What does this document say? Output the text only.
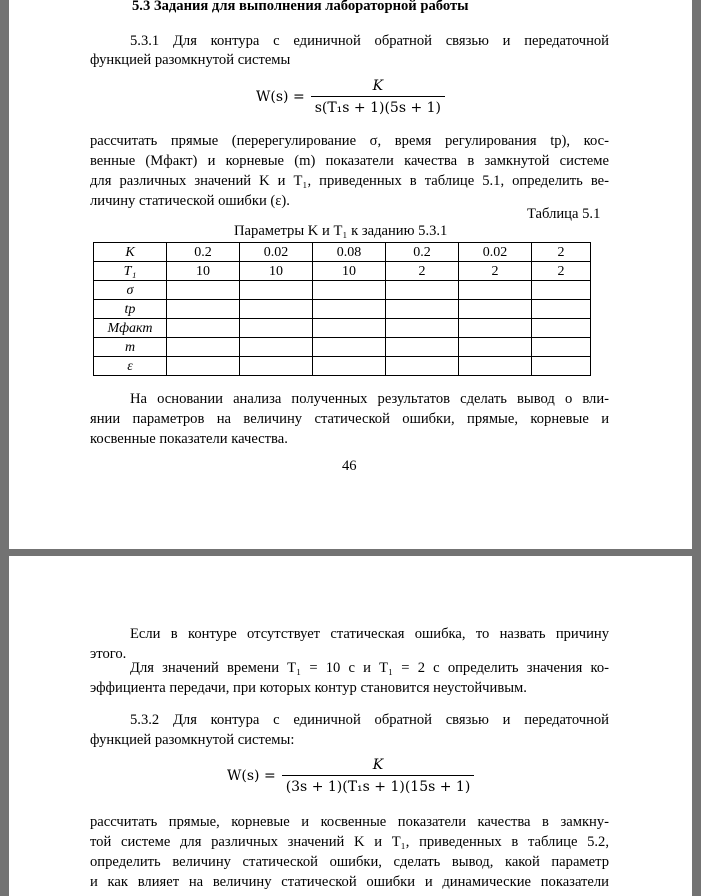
5.3 Задания для выполнения лабораторной работы
5.3.1 Для контура с единичной обратной связью и передаточной
функцией разомкнутой системы
$W(s) = \frac{K}{\text{s(T₁s + 1)(5s + 1)}}$
рассчитать прямые (перерегулирование σ, время регулирования tр), кос-
венные (Мфакт) и корневые (m) показатели качества в замкнутой системе
для различных значений K и T₁, приведенных в таблице 5.1, определить ве-
личину статической ошибки (ε).
Таблица 5.1
Параметры K и T₁ к заданию 5.3.1
K	0.2	0.02	0.08	0.2	0.02	2
T₁	10	10	10	2	2	2
σ						
tр						
Мфакт						
m						
ε						
На основании анализа полученных результатов сделать вывод о вли-
янии параметров на величину статической ошибки, прямые, корневые и
косвенные показатели качества.
46
Если в контуре отсутствует статическая ошибка, то назвать причину
этого.
Для значений времени T₁ = 10 с и T₁ = 2 с определить значения ко-
эффициента передачи, при которых контур становится неустойчивым.
5.3.2 Для контура с единичной обратной связью и передаточной
функцией разомкнутой системы:
$W(s) = \frac{K}{\text{(3s + 1)(T₁s + 1)(15s + 1)}}$
рассчитать прямые, корневые и косвенные показатели качества в замкну-
той системе для различных значений K и T₁, приведенных в таблице 5.2,
определить величину статической ошибки, сделать вывод, какой параметр
и как влияет на величину статической ошибки и динамические показатели
